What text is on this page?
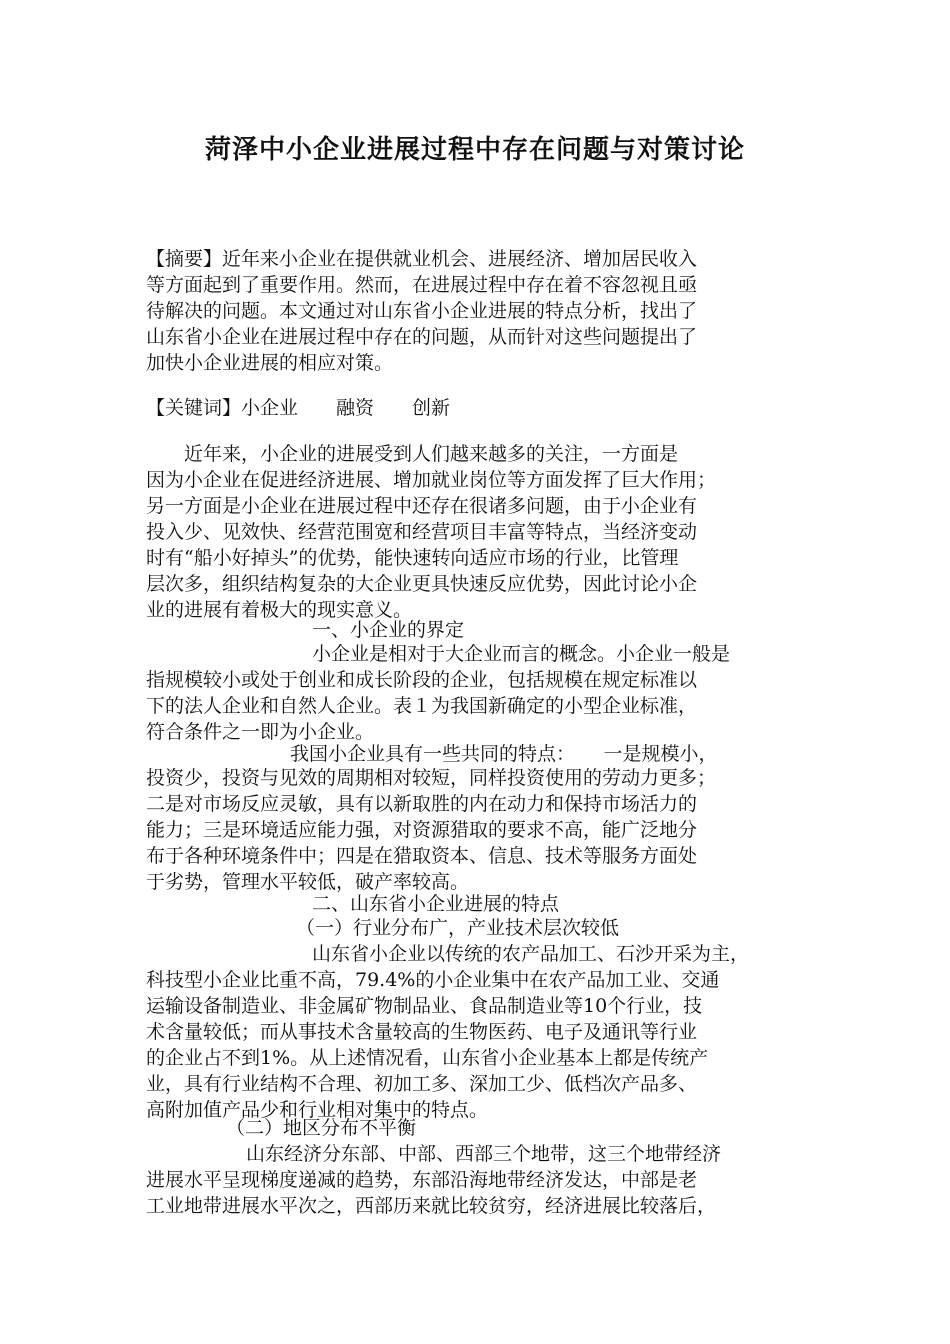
菏泽中小企业进展过程中存在问题与对策讨论
【摘要】近年来小企业在提供就业机会、进展经济、增加居民收入
等方面起到了重要作用。然而，在进展过程中存在着不容忽视且亟
待解决的问题。本文通过对山东省小企业进展的特点分析，找出了
山东省小企业在进展过程中存在的问题，从而针对这些问题提出了
加快小企业进展的相应对策。
【关键词】小企业　　融资　　创新
　　近年来，小企业的进展受到人们越来越多的关注，一方面是
因为小企业在促进经济进展、增加就业岗位等方面发挥了巨大作用；
另一方面是小企业在进展过程中还存在很诸多问题，由于小企业有
投入少、见效快、经营范围宽和经营项目丰富等特点，当经济变动
时有“船小好掉头”的优势，能快速转向适应市场的行业，比管理
层次多，组织结构复杂的大企业更具快速反应优势，因此讨论小企
业的进展有着极大的现实意义。
一、小企业的界定
小企业是相对于大企业而言的概念。小企业一般是
指规模较小或处于创业和成长阶段的企业，包括规模在规定标准以
下的法人企业和自然人企业。表１为我国新确定的小型企业标准，
符合条件之一即为小企业。
我国小企业具有一些共同的特点：　　一是规模小，
投资少，投资与见效的周期相对较短，同样投资使用的劳动力更多；
二是对市场反应灵敏，具有以新取胜的内在动力和保持市场活力的
能力；三是环境适应能力强，对资源猎取的要求不高，能广泛地分
布于各种环境条件中；四是在猎取资本、信息、技术等服务方面处
于劣势，管理水平较低，破产率较高。
二、山东省小企业进展的特点
（一）行业分布广，产业技术层次较低
山东省小企业以传统的农产品加工、石沙开采为主，
科技型小企业比重不高，79.4%的小企业集中在农产品加工业、交通
运输设备制造业、非金属矿物制品业、食品制造业等10个行业，技
术含量较低；而从事技术含量较高的生物医药、电子及通讯等行业
的企业占不到1%。从上述情况看，山东省小企业基本上都是传统产
业，具有行业结构不合理、初加工多、深加工少、低档次产品多、
高附加值产品少和行业相对集中的特点。
（二）地区分布不平衡
山东经济分东部、中部、西部三个地带，这三个地带经济
进展水平呈现梯度递减的趋势，东部沿海地带经济发达，中部是老
工业地带进展水平次之，西部历来就比较贫穷，经济进展比较落后，
